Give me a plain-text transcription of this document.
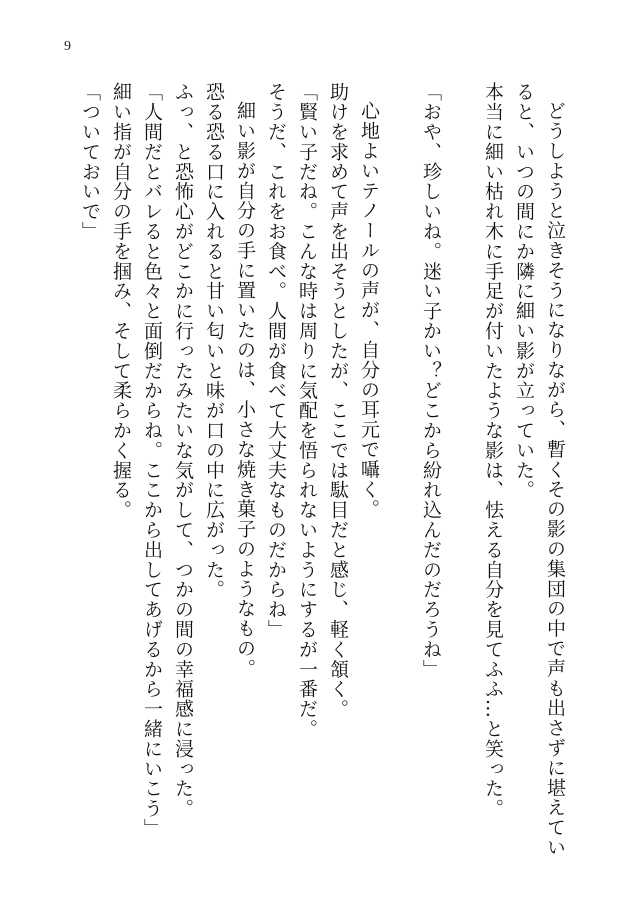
9
どうしようと泣きそうになりながら、暫くその影の集団の中で声も出さずに堪えてい
ると、いつの間にか隣に細い影が立っていた。
本当に細い枯れ木に手足が付いたような影は、怯える自分を見てふふ…と笑った。

「おや、珍しいね。迷い子かい？どこから紛れ込んだのだろうね」

心地よいテノールの声が、自分の耳元で囁く。
助けを求めて声を出そうとしたが、ここでは駄目だと感じ、軽く頷く。
「賢い子だね。こんな時は周りに気配を悟られないようにするが一番だ。
そうだ、これをお食べ。人間が食べて大丈夫なものだからね」
細い影が自分の手に置いたのは、小さな焼き菓子のようなもの。
恐る恐る口に入れると甘い匂いと味が口の中に広がった。
ふっ、と恐怖心がどこかに行ったみたいな気がして、つかの間の幸福感に浸った。
「人間だとバレると色々と面倒だからね。ここから出してあげるから一緒にいこう」
細い指が自分の手を掴み、そして柔らかく握る。
「ついておいで」
